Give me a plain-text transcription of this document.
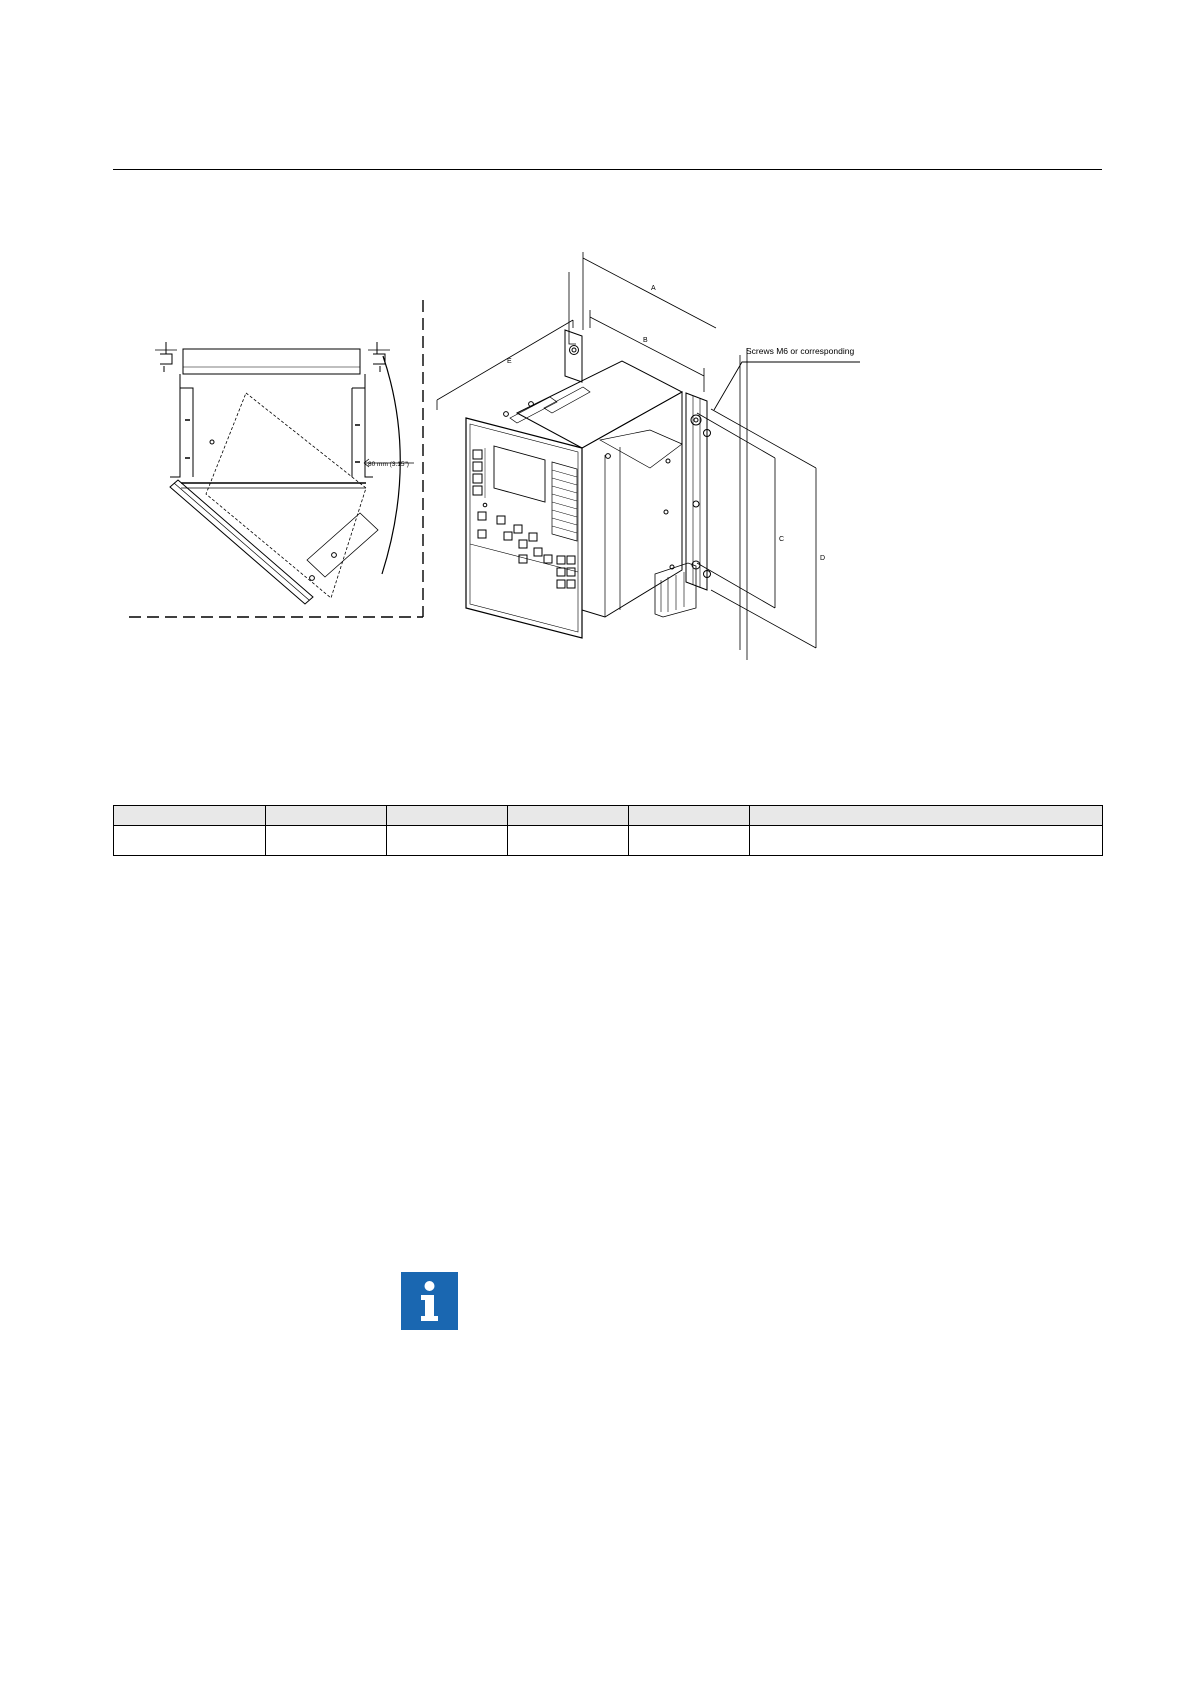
80 mm (3.15")
A
B
E
C
D
Screws M6 or corresponding
